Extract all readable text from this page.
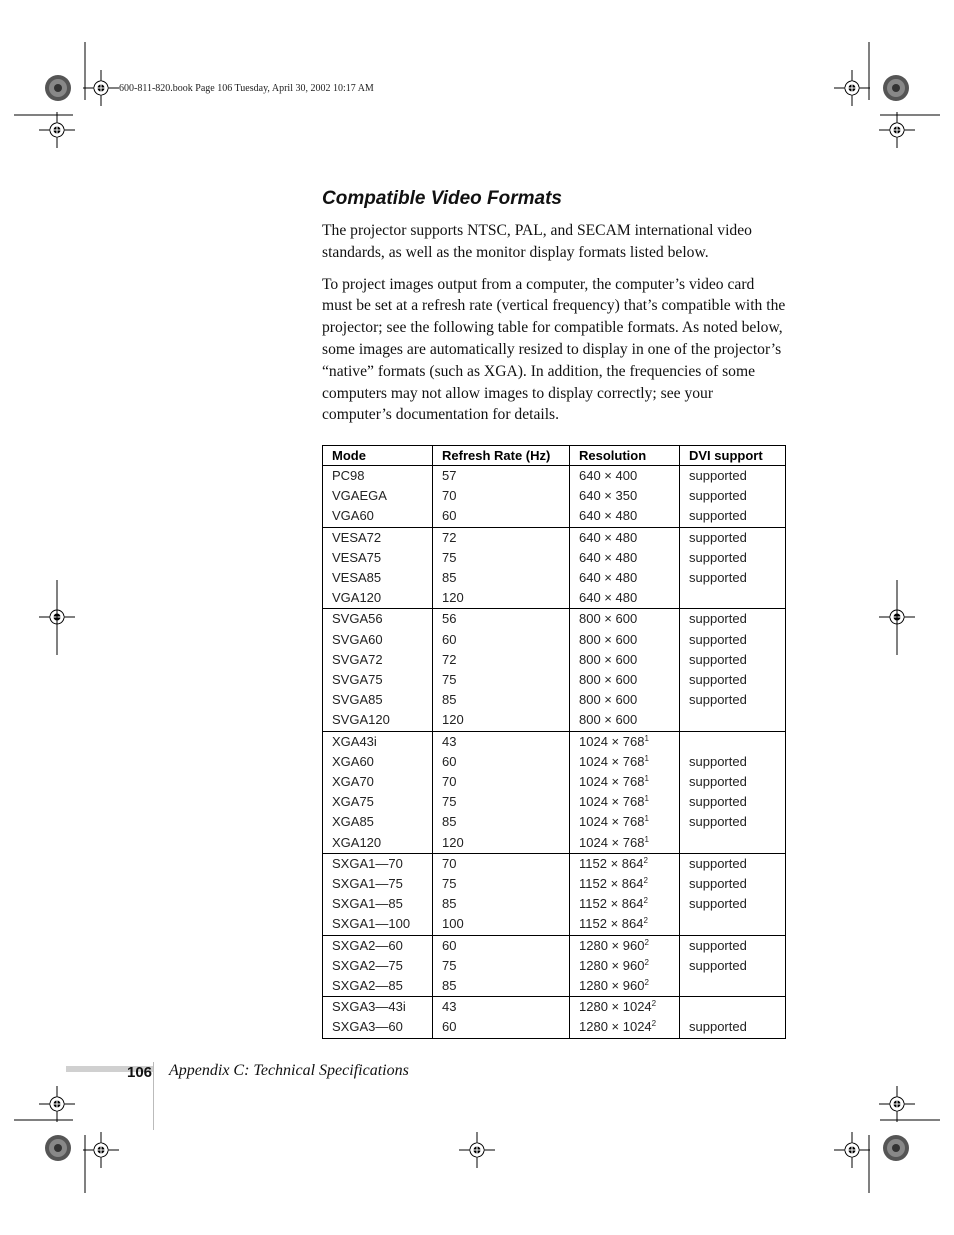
600-811-820.book Page 106 Tuesday, April 30, 2002 10:17 AM
Compatible Video Formats

The projector supports NTSC, PAL, and SECAM international video standards, as well as the monitor display formats listed below.

To project images output from a computer, the computer’s video card must be set at a refresh rate (vertical frequency) that’s compatible with the projector; see the following table for compatible formats. As noted below, some images are automatically resized to display in one of the projector’s “native” formats (such as XGA). In addition, the frequencies of some computers may not allow images to display correctly; see your computer’s documentation for details.

Mode	Refresh Rate (Hz)	Resolution	DVI support
PC98	57	640 × 400	supported
VGAEGA	70	640 × 350	supported
VGA60	60	640 × 480	supported
VESA72	72	640 × 480	supported
VESA75	75	640 × 480	supported
VESA85	85	640 × 480	supported
VGA120	120	640 × 480	
SVGA56	56	800 × 600	supported
SVGA60	60	800 × 600	supported
SVGA72	72	800 × 600	supported
SVGA75	75	800 × 600	supported
SVGA85	85	800 × 600	supported
SVGA120	120	800 × 600	
XGA43i	43	$1024 \times 768^1$	
XGA60	60	$1024 \times 768^1$	supported
XGA70	70	$1024 \times 768^1$	supported
XGA75	75	$1024 \times 768^1$	supported
XGA85	85	$1024 \times 768^1$	supported
XGA120	120	$1024 \times 768^1$	
SXGA1—70	70	$1152 \times 864^2$	supported
SXGA1—75	75	$1152 \times 864^2$	supported
SXGA1—85	85	$1152 \times 864^2$	supported
SXGA1—100	100	$1152 \times 864^2$	
SXGA2—60	60	$1280 \times 960^2$	supported
SXGA2—75	75	$1280 \times 960^2$	supported
SXGA2—85	85	$1280 \times 960^2$	
SXGA3—43i	43	$1280 \times 1024^2$	
SXGA3—60	60	$1280 \times 1024^2$	supported
106 Appendix C: Technical Specifications
